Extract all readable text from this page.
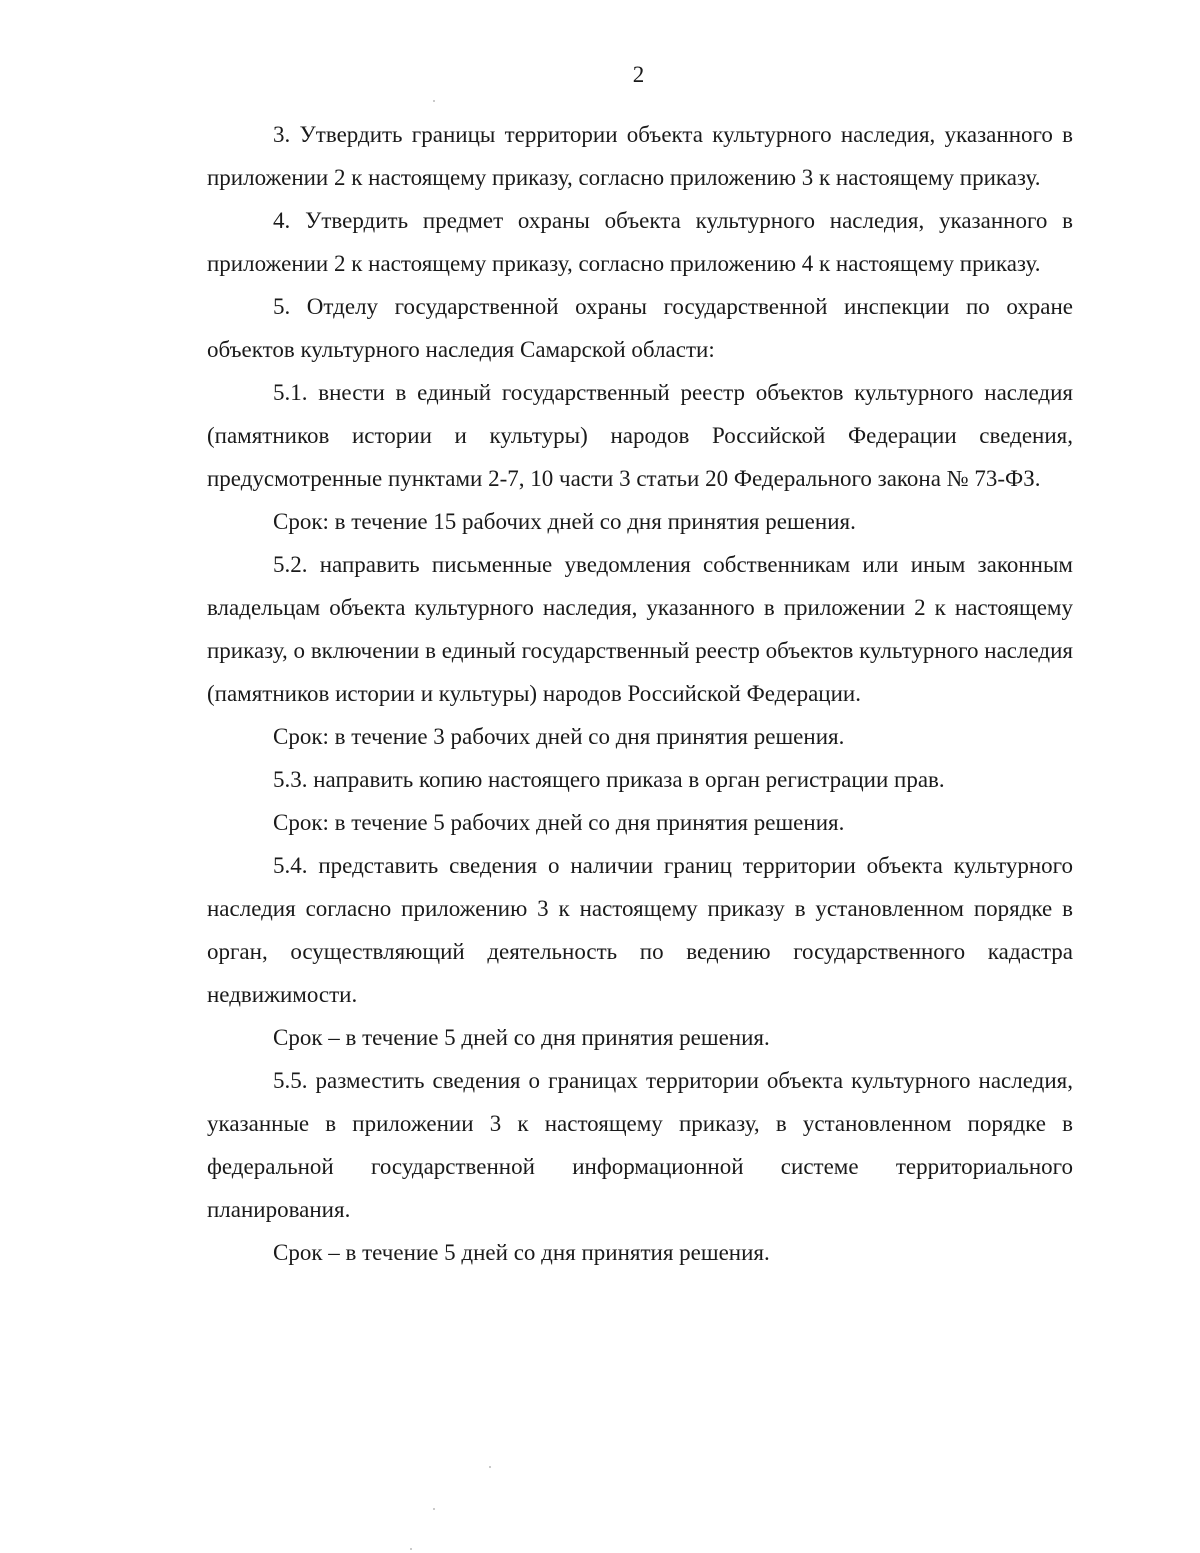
2

3. Утвердить границы территории объекта культурного наследия, указанного в приложении 2 к настоящему приказу, согласно приложению 3 к настоящему приказу.

4. Утвердить предмет охраны объекта культурного наследия, указанного в приложении 2 к настоящему приказу, согласно приложению 4 к настоящему приказу.

5. Отделу государственной охраны государственной инспекции по охране объектов культурного наследия Самарской области:

5.1. внести в единый государственный реестр объектов культурного наследия (памятников истории и культуры) народов Российской Федерации сведения, предусмотренные пунктами 2-7, 10 части 3 статьи 20 Федерального закона № 73-ФЗ.

Срок: в течение 15 рабочих дней со дня принятия решения.

5.2. направить письменные уведомления собственникам или иным законным владельцам объекта культурного наследия, указанного в приложении 2 к настоящему приказу, о включении в единый государственный реестр объектов культурного наследия (памятников истории и культуры) народов Российской Федерации.

Срок: в течение 3 рабочих дней со дня принятия решения.

5.3. направить копию настоящего приказа в орган регистрации прав.

Срок: в течение 5 рабочих дней со дня принятия решения.

5.4. представить сведения о наличии границ территории объекта культурного наследия согласно приложению 3 к настоящему приказу в установленном порядке в орган, осуществляющий деятельность по ведению государственного кадастра недвижимости.

Срок – в течение 5 дней со дня принятия решения.

5.5. разместить сведения о границах территории объекта культурного наследия, указанные в приложении 3 к настоящему приказу, в установленном порядке в федеральной государственной информационной системе территориального планирования.

Срок – в течение 5 дней со дня принятия решения.
